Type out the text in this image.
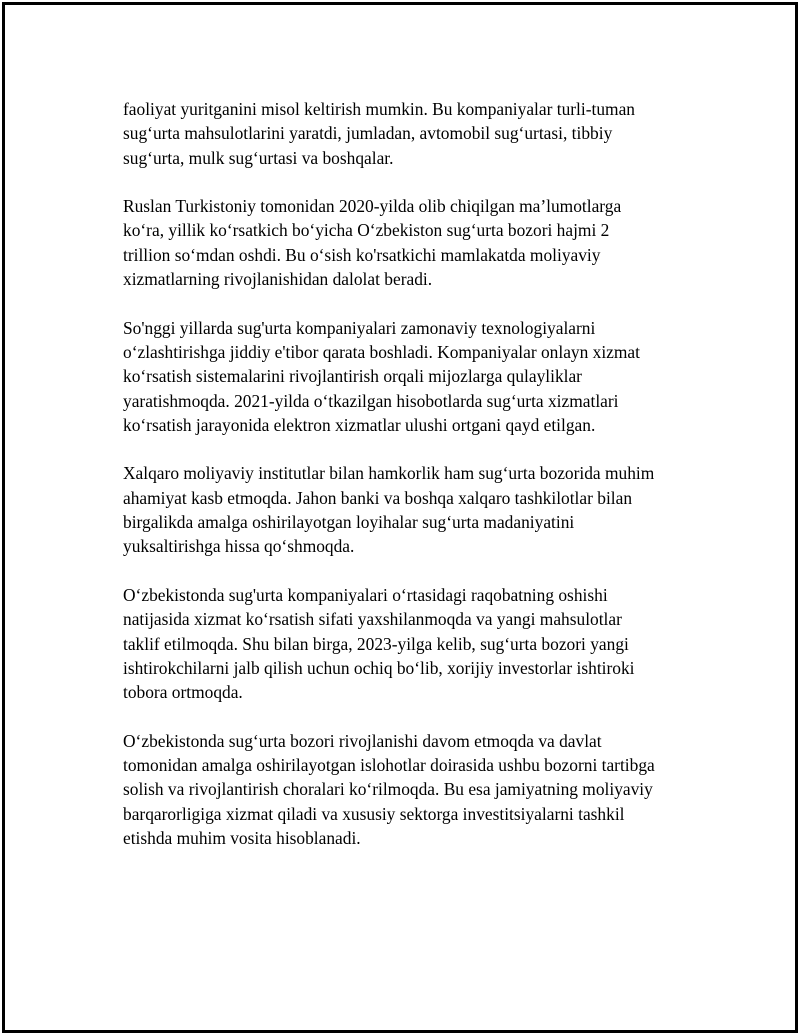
faoliyat yuritganini misol keltirish mumkin. Bu kompaniyalar turli-tuman
sug‘urta mahsulotlarini yaratdi, jumladan, avtomobil sug‘urtasi, tibbiy
sug‘urta, mulk sug‘urtasi va boshqalar.

Ruslan Turkistoniy tomonidan 2020-yilda olib chiqilgan ma’lumotlarga
ko‘ra, yillik ko‘rsatkich bo‘yicha O‘zbekiston sug‘urta bozori hajmi 2
trillion so‘mdan oshdi. Bu o‘sish ko'rsatkichi mamlakatda moliyaviy
xizmatlarning rivojlanishidan dalolat beradi.

So'nggi yillarda sug'urta kompaniyalari zamonaviy texnologiyalarni
o‘zlashtirishga jiddiy e'tibor qarata boshladi. Kompaniyalar onlayn xizmat
ko‘rsatish sistemalarini rivojlantirish orqali mijozlarga qulayliklar
yaratishmoqda. 2021-yilda o‘tkazilgan hisobotlarda sug‘urta xizmatlari
ko‘rsatish jarayonida elektron xizmatlar ulushi ortgani qayd etilgan.

Xalqaro moliyaviy institutlar bilan hamkorlik ham sug‘urta bozorida muhim
ahamiyat kasb etmoqda. Jahon banki va boshqa xalqaro tashkilotlar bilan
birgalikda amalga oshirilayotgan loyihalar sug‘urta madaniyatini
yuksaltirishga hissa qo‘shmoqda.

O‘zbekistonda sug'urta kompaniyalari o‘rtasidagi raqobatning oshishi
natijasida xizmat ko‘rsatish sifati yaxshilanmoqda va yangi mahsulotlar
taklif etilmoqda. Shu bilan birga, 2023-yilga kelib, sug‘urta bozori yangi
ishtirokchilarni jalb qilish uchun ochiq bo‘lib, xorijiy investorlar ishtiroki
tobora ortmoqda.

O‘zbekistonda sug‘urta bozori rivojlanishi davom etmoqda va davlat
tomonidan amalga oshirilayotgan islohotlar doirasida ushbu bozorni tartibga
solish va rivojlantirish choralari ko‘rilmoqda. Bu esa jamiyatning moliyaviy
barqarorligiga xizmat qiladi va xususiy sektorga investitsiyalarni tashkil
etishda muhim vosita hisoblanadi.
